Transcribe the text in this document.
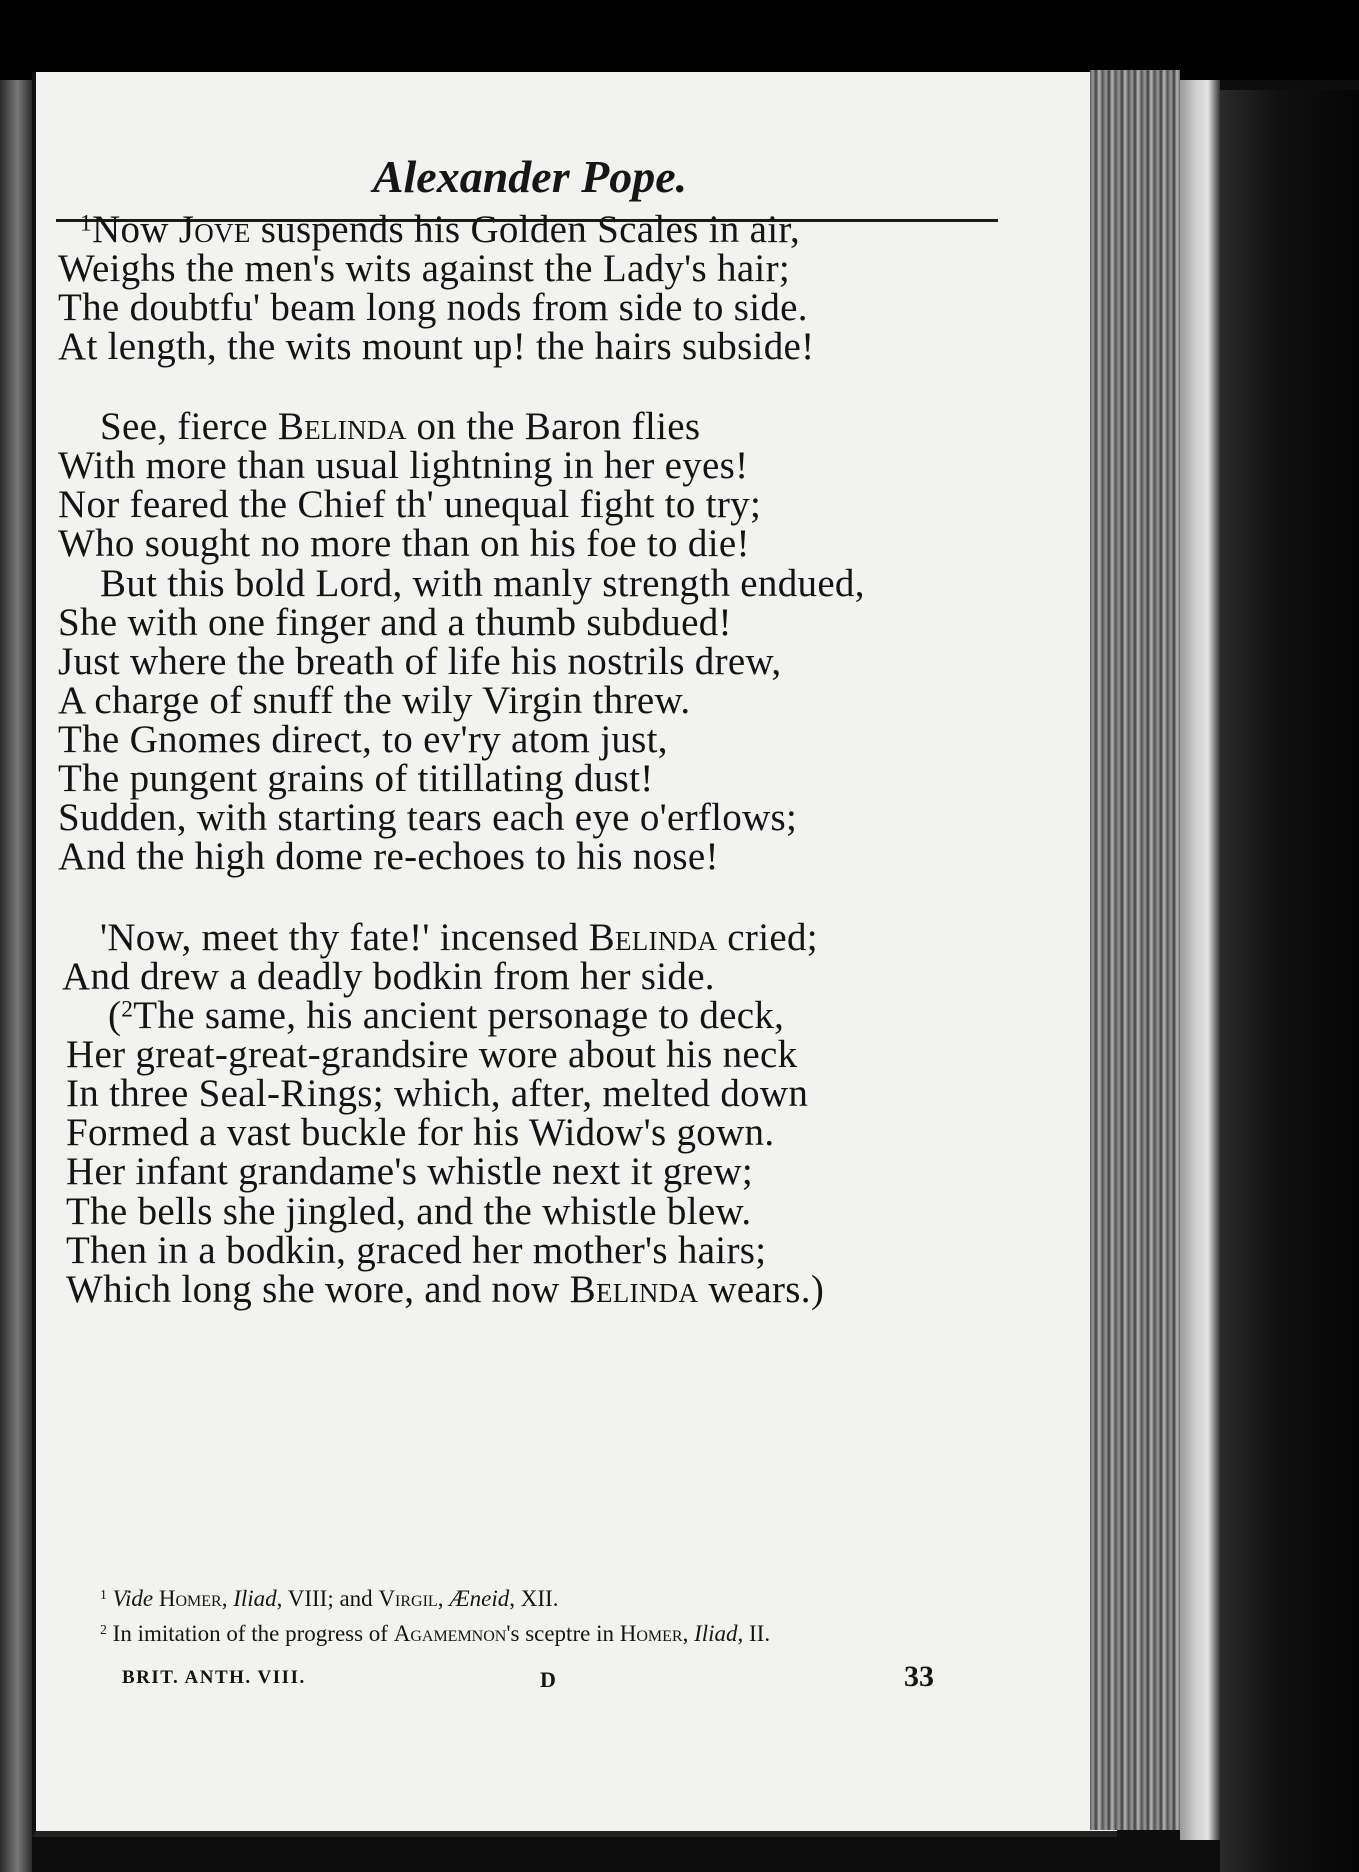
Alexander Pope.
$^1$Now Jove suspends his Golden Scales in air,
Weighs the men's wits against the Lady's hair;
The doubtfu' beam long nods from side to side.
At length, the wits mount up! the hairs subside!
See, fierce Belinda on the Baron flies
With more than usual lightning in her eyes!
Nor feared the Chief th' unequal fight to try;
Who sought no more than on his foe to die!
But this bold Lord, with manly strength endued,
She with one finger and a thumb subdued!
Just where the breath of life his nostrils drew,
A charge of snuff the wily Virgin threw.
The Gnomes direct, to ev'ry atom just,
The pungent grains of titillating dust!
Sudden, with starting tears each eye o'erflows;
And the high dome re-echoes to his nose!
'Now, meet thy fate!' incensed Belinda cried;
And drew a deadly bodkin from her side.
($^2$The same, his ancient personage to deck,
Her great-great-grandsire wore about his neck
In three Seal-Rings; which, after, melted down
Formed a vast buckle for his Widow's gown.
Her infant grandame's whistle next it grew;
The bells she jingled, and the whistle blew.
Then in a bodkin, graced her mother's hairs;
Which long she wore, and now Belinda wears.)
$^1$ Vide Homer, Iliad, VIII; and Virgil, Æneid, XII.
$^2$ In imitation of the progress of Agamemnon's sceptre in Homer, Iliad, II.
BRIT. ANTH. VIII.	D	33
